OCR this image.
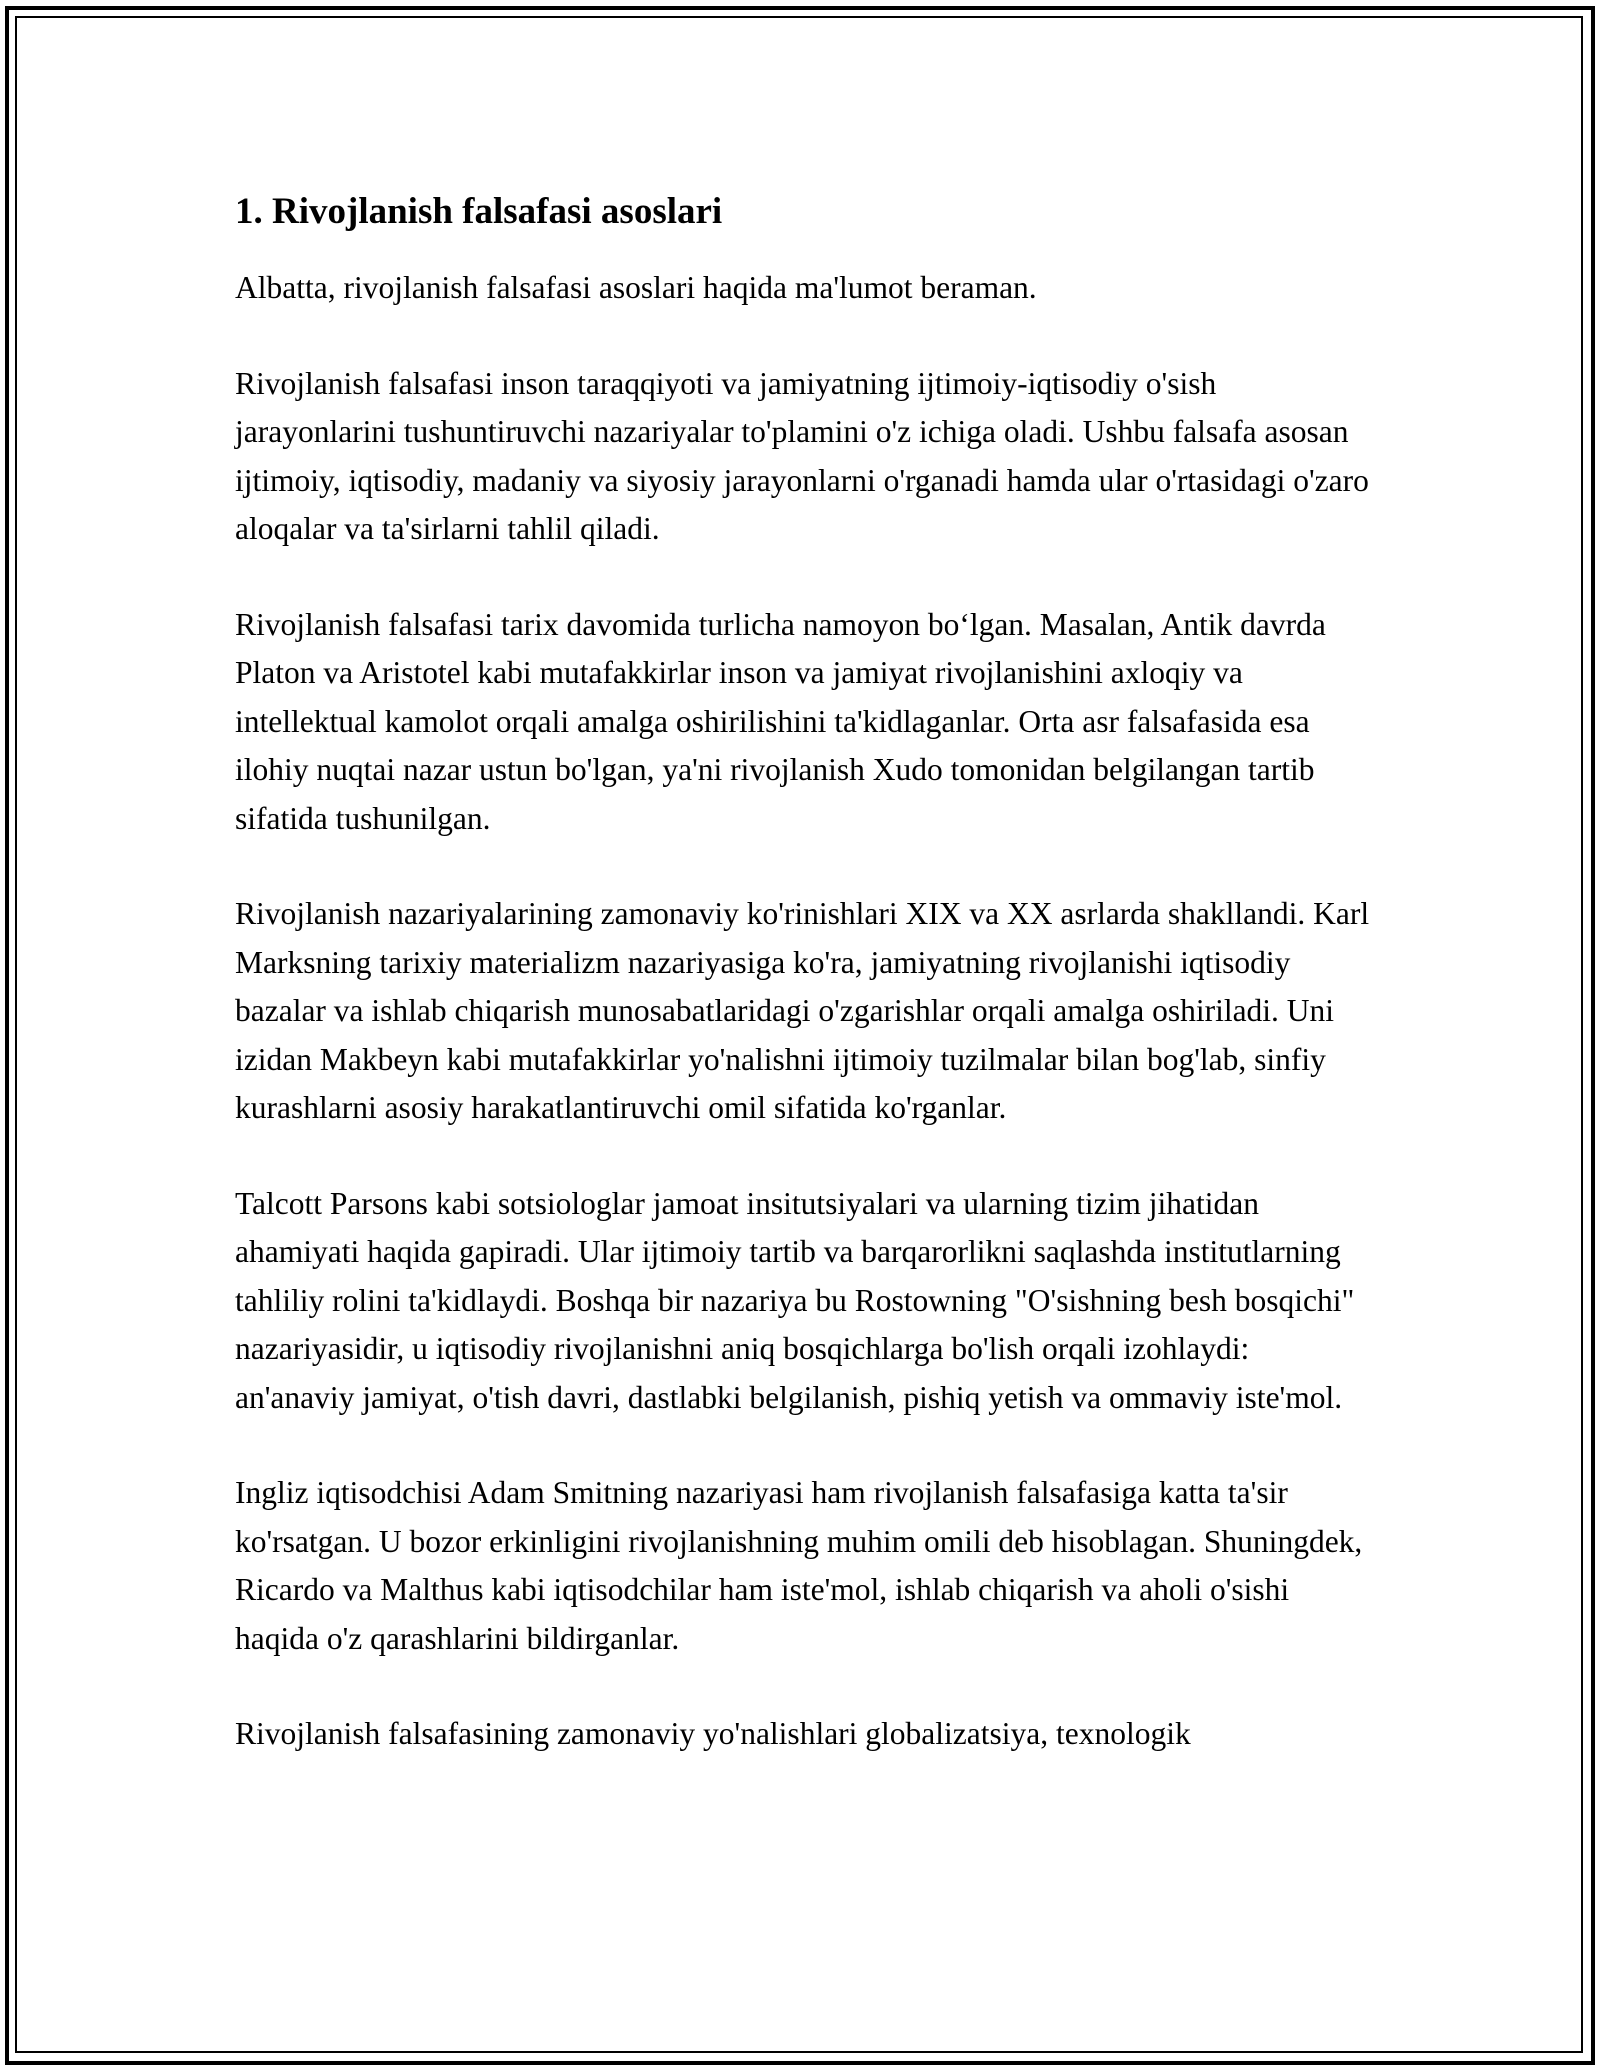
1. Rivojlanish falsafasi asoslari

Albatta, rivojlanish falsafasi asoslari haqida ma'lumot beraman.

Rivojlanish falsafasi inson taraqqiyoti va jamiyatning ijtimoiy-iqtisodiy o'sish jarayonlarini tushuntiruvchi nazariyalar to'plamini o'z ichiga oladi. Ushbu falsafa asosan ijtimoiy, iqtisodiy, madaniy va siyosiy jarayonlarni o'rganadi hamda ular o'rtasidagi o'zaro aloqalar va ta'sirlarni tahlil qiladi.

Rivojlanish falsafasi tarix davomida turlicha namoyon bo‘lgan. Masalan, Antik davrda Platon va Aristotel kabi mutafakkirlar inson va jamiyat rivojlanishini axloqiy va intellektual kamolot orqali amalga oshirilishini ta'kidlaganlar. Orta asr falsafasida esa ilohiy nuqtai nazar ustun bo'lgan, ya'ni rivojlanish Xudo tomonidan belgilangan tartib sifatida tushunilgan.

Rivojlanish nazariyalarining zamonaviy ko'rinishlari XIX va XX asrlarda shakllandi. Karl Marksning tarixiy materializm nazariyasiga ko'ra, jamiyatning rivojlanishi iqtisodiy bazalar va ishlab chiqarish munosabatlaridagi o'zgarishlar orqali amalga oshiriladi. Uni izidan Makbeyn kabi mutafakkirlar yo'nalishni ijtimoiy tuzilmalar bilan bog'lab, sinfiy kurashlarni asosiy harakatlantiruvchi omil sifatida ko'rganlar.

Talcott Parsons kabi sotsiologlar jamoat insitutsiyalari va ularning tizim jihatidan ahamiyati haqida gapiradi. Ular ijtimoiy tartib va barqarorlikni saqlashda institutlarning tahliliy rolini ta'kidlaydi. Boshqa bir nazariya bu Rostowning "O'sishning besh bosqichi" nazariyasidir, u iqtisodiy rivojlanishni aniq bosqichlarga bo'lish orqali izohlaydi: an'anaviy jamiyat, o'tish davri, dastlabki belgilanish, pishiq yetish va ommaviy iste'mol.

Ingliz iqtisodchisi Adam Smitning nazariyasi ham rivojlanish falsafasiga katta ta'sir ko'rsatgan. U bozor erkinligini rivojlanishning muhim omili deb hisoblagan. Shuningdek, Ricardo va Malthus kabi iqtisodchilar ham iste'mol, ishlab chiqarish va aholi o'sishi haqida o'z qarashlarini bildirganlar.

Rivojlanish falsafasining zamonaviy yo'nalishlari globalizatsiya, texnologik
